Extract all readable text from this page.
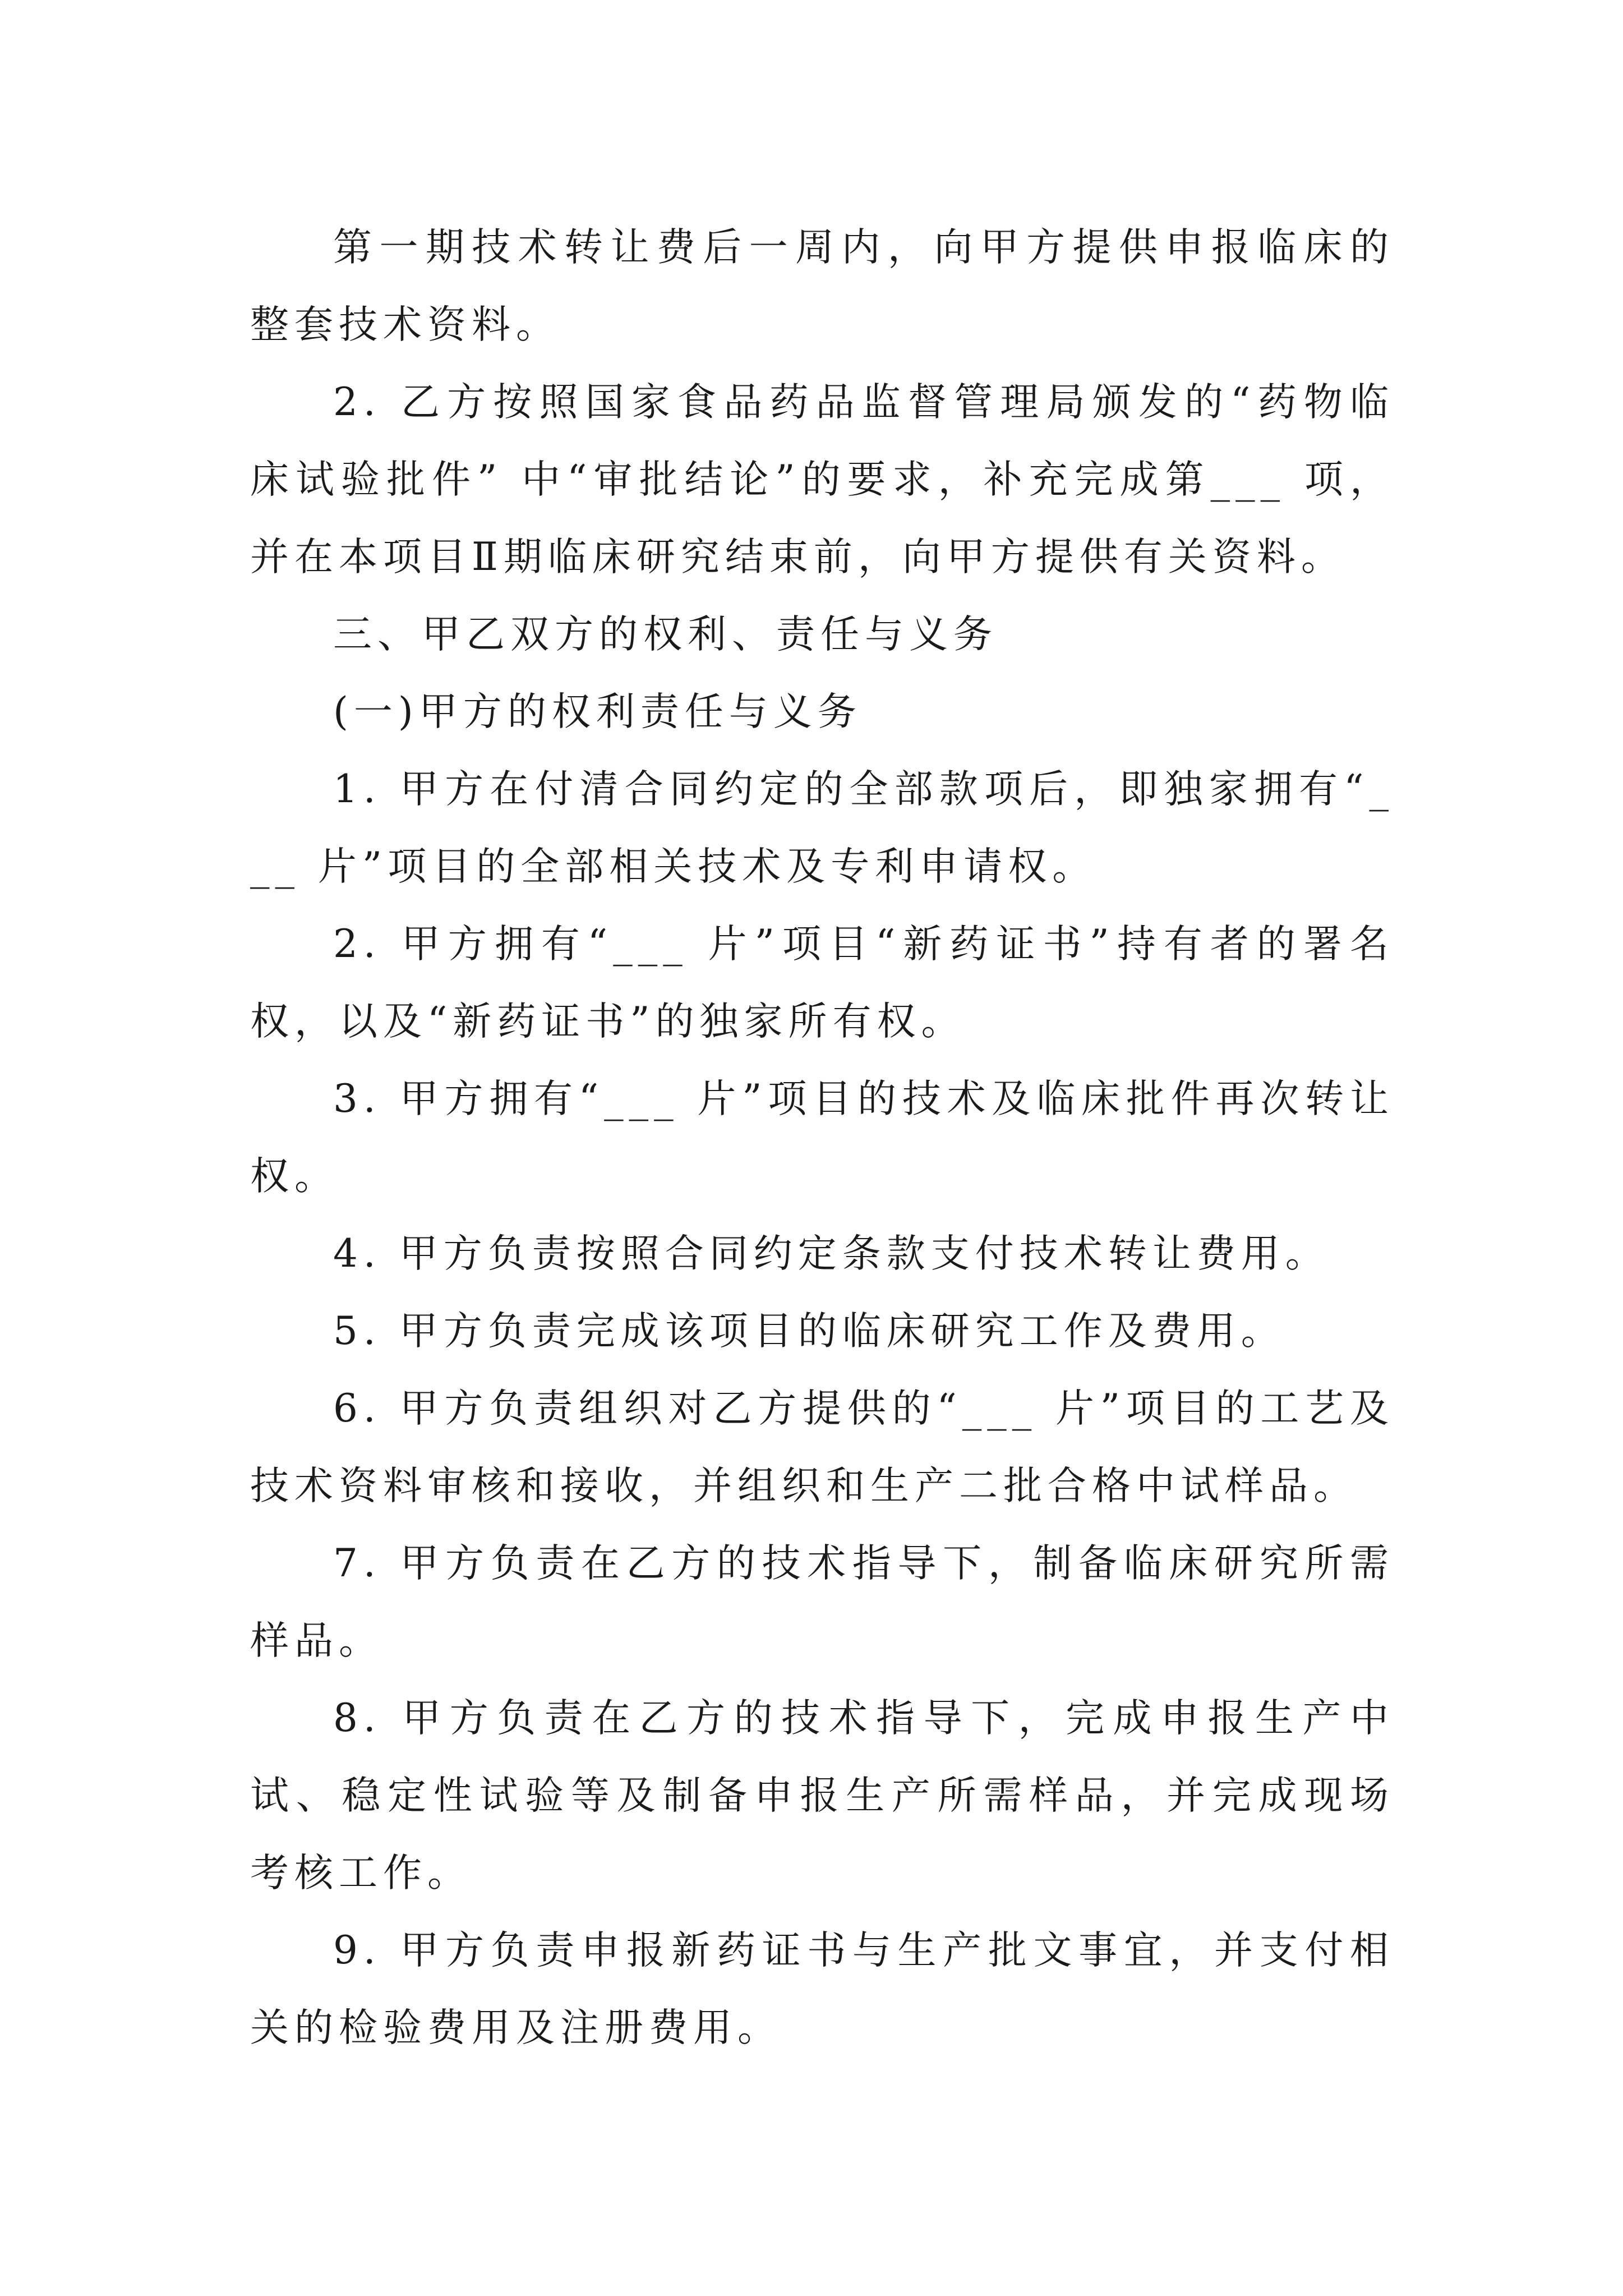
第一期技术转让费后一周内，向甲方提供申报临床的整套技术资料。

2. 乙方按照国家食品药品监督管理局颁发的“药物临床试验批件” 中“审批结论”的要求，补充完成第___ 项，并在本项目Ⅱ期临床研究结束前，向甲方提供有关资料。

三、甲乙双方的权利、责任与义务

(一)甲方的权利责任与义务

1. 甲方在付清合同约定的全部款项后，即独家拥有“___ 片”项目的全部相关技术及专利申请权。

2. 甲方拥有“___ 片”项目“新药证书”持有者的署名权，以及“新药证书”的独家所有权。

3. 甲方拥有“___ 片”项目的技术及临床批件再次转让权。

4. 甲方负责按照合同约定条款支付技术转让费用。

5. 甲方负责完成该项目的临床研究工作及费用。

6. 甲方负责组织对乙方提供的“___ 片”项目的工艺及技术资料审核和接收，并组织和生产二批合格中试样品。

7. 甲方负责在乙方的技术指导下，制备临床研究所需样品。

8. 甲方负责在乙方的技术指导下，完成申报生产中试、稳定性试验等及制备申报生产所需样品，并完成现场考核工作。

9. 甲方负责申报新药证书与生产批文事宜，并支付相关的检验费用及注册费用。
